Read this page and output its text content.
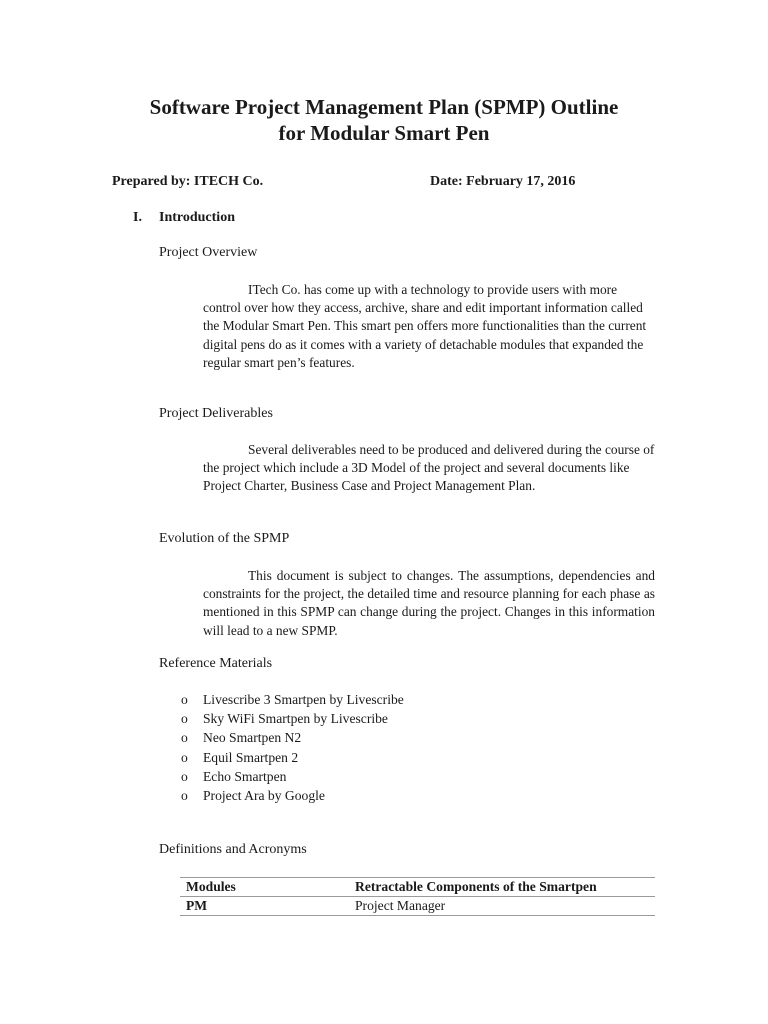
Software Project Management Plan (SPMP) Outline
for Modular Smart Pen
Prepared by: ITECH Co.	Date: February 17, 2016
I. Introduction
Project Overview
ITech Co. has come up with a technology to provide users with more control over how they access, archive, share and edit important information called the Modular Smart Pen. This smart pen offers more functionalities than the current digital pens do as it comes with a variety of detachable modules that expanded the regular smart pen’s features.
Project Deliverables
Several deliverables need to be produced and delivered during the course of the project which include a 3D Model of the project and several documents like Project Charter, Business Case and Project Management Plan.
Evolution of the SPMP
This document is subject to changes. The assumptions, dependencies and constraints for the project, the detailed time and resource planning for each phase as mentioned in this SPMP can change during the project. Changes in this information will lead to a new SPMP.
Reference Materials
o Livescribe 3 Smartpen by Livescribe
o Sky WiFi Smartpen by Livescribe
o Neo Smartpen N2
o Equil Smartpen 2
o Echo Smartpen
o Project Ara by Google
Definitions and Acronyms
Modules	Retractable Components of the Smartpen
PM	Project Manager
